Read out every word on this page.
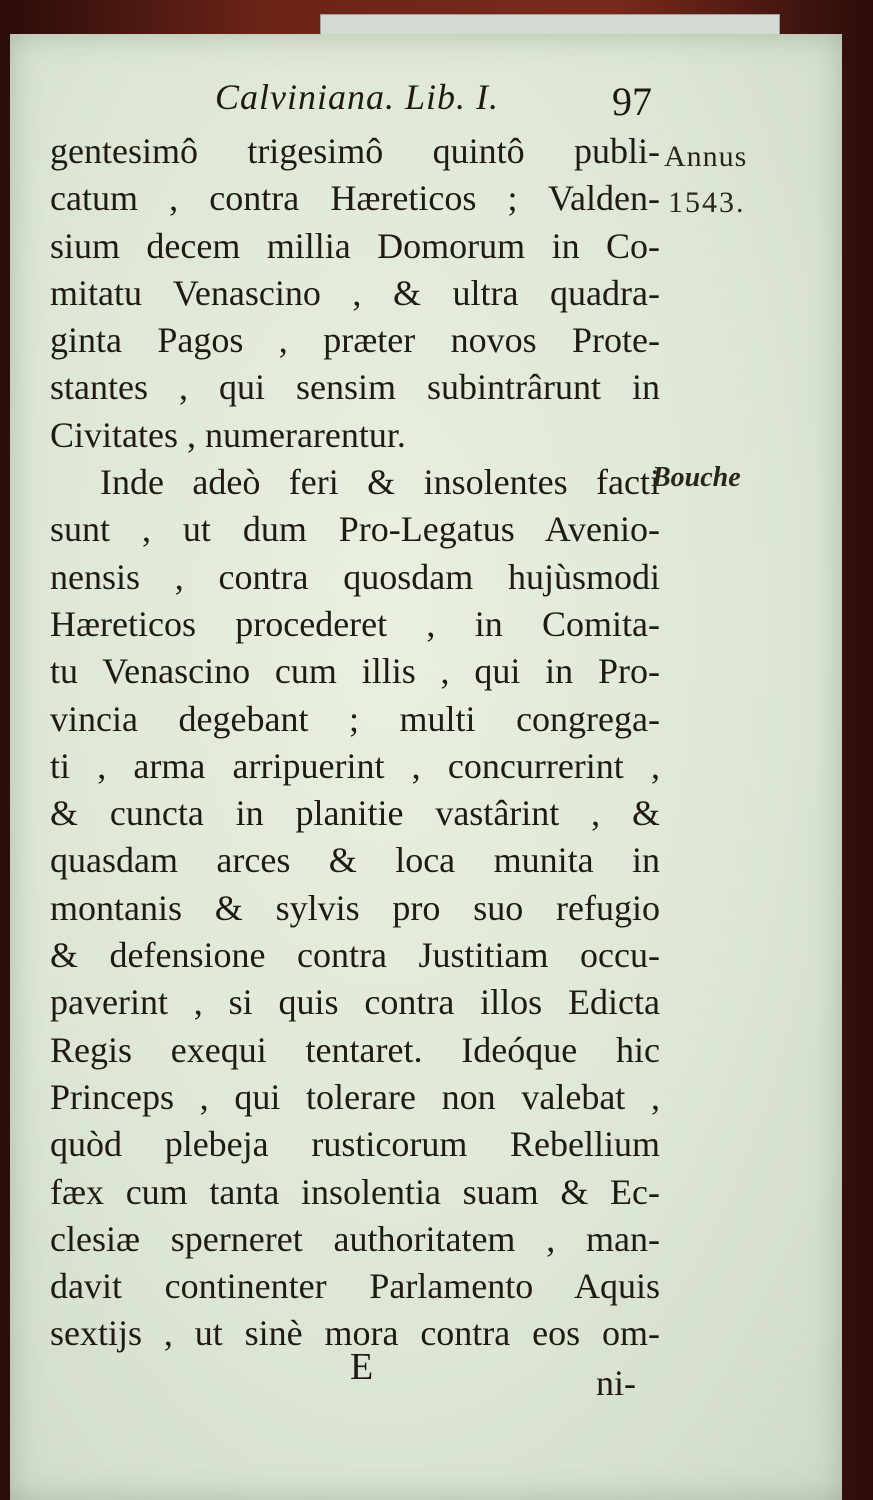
Calviniana. Lib. I.	97
gentesimô trigesimô quintô publi-
catum , contra Hæreticos ; Valden-
sium decem millia Domorum in Co-
mitatu Venascino , & ultra quadra-
ginta Pagos , præter novos Prote-
stantes , qui sensim subintrârunt in
Civitates , numerarentur.
Inde adeò feri & insolentes facti
sunt , ut dum Pro-Legatus Avenio-
nensis , contra quosdam hujùsmodi
Hæreticos procederet , in Comita-
tu Venascino cum illis , qui in Pro-
vincia degebant ; multi congrega-
ti , arma arripuerint , concurrerint ,
& cuncta in planitie vastârint , &
quasdam arces & loca munita in
montanis & sylvis pro suo refugio
& defensione contra Justitiam occu-
paverint , si quis contra illos Edicta
Regis exequi tentaret. Ideóque hic
Princeps , qui tolerare non valebat ,
quòd plebeja rusticorum Rebellium
fæx cum tanta insolentia suam & Ec-
clesiæ sperneret authoritatem , man-
davit continenter Parlamento Aquis
sextijs , ut sinè mora contra eos om-
Annus
1543.
Bouche
E	ni-
